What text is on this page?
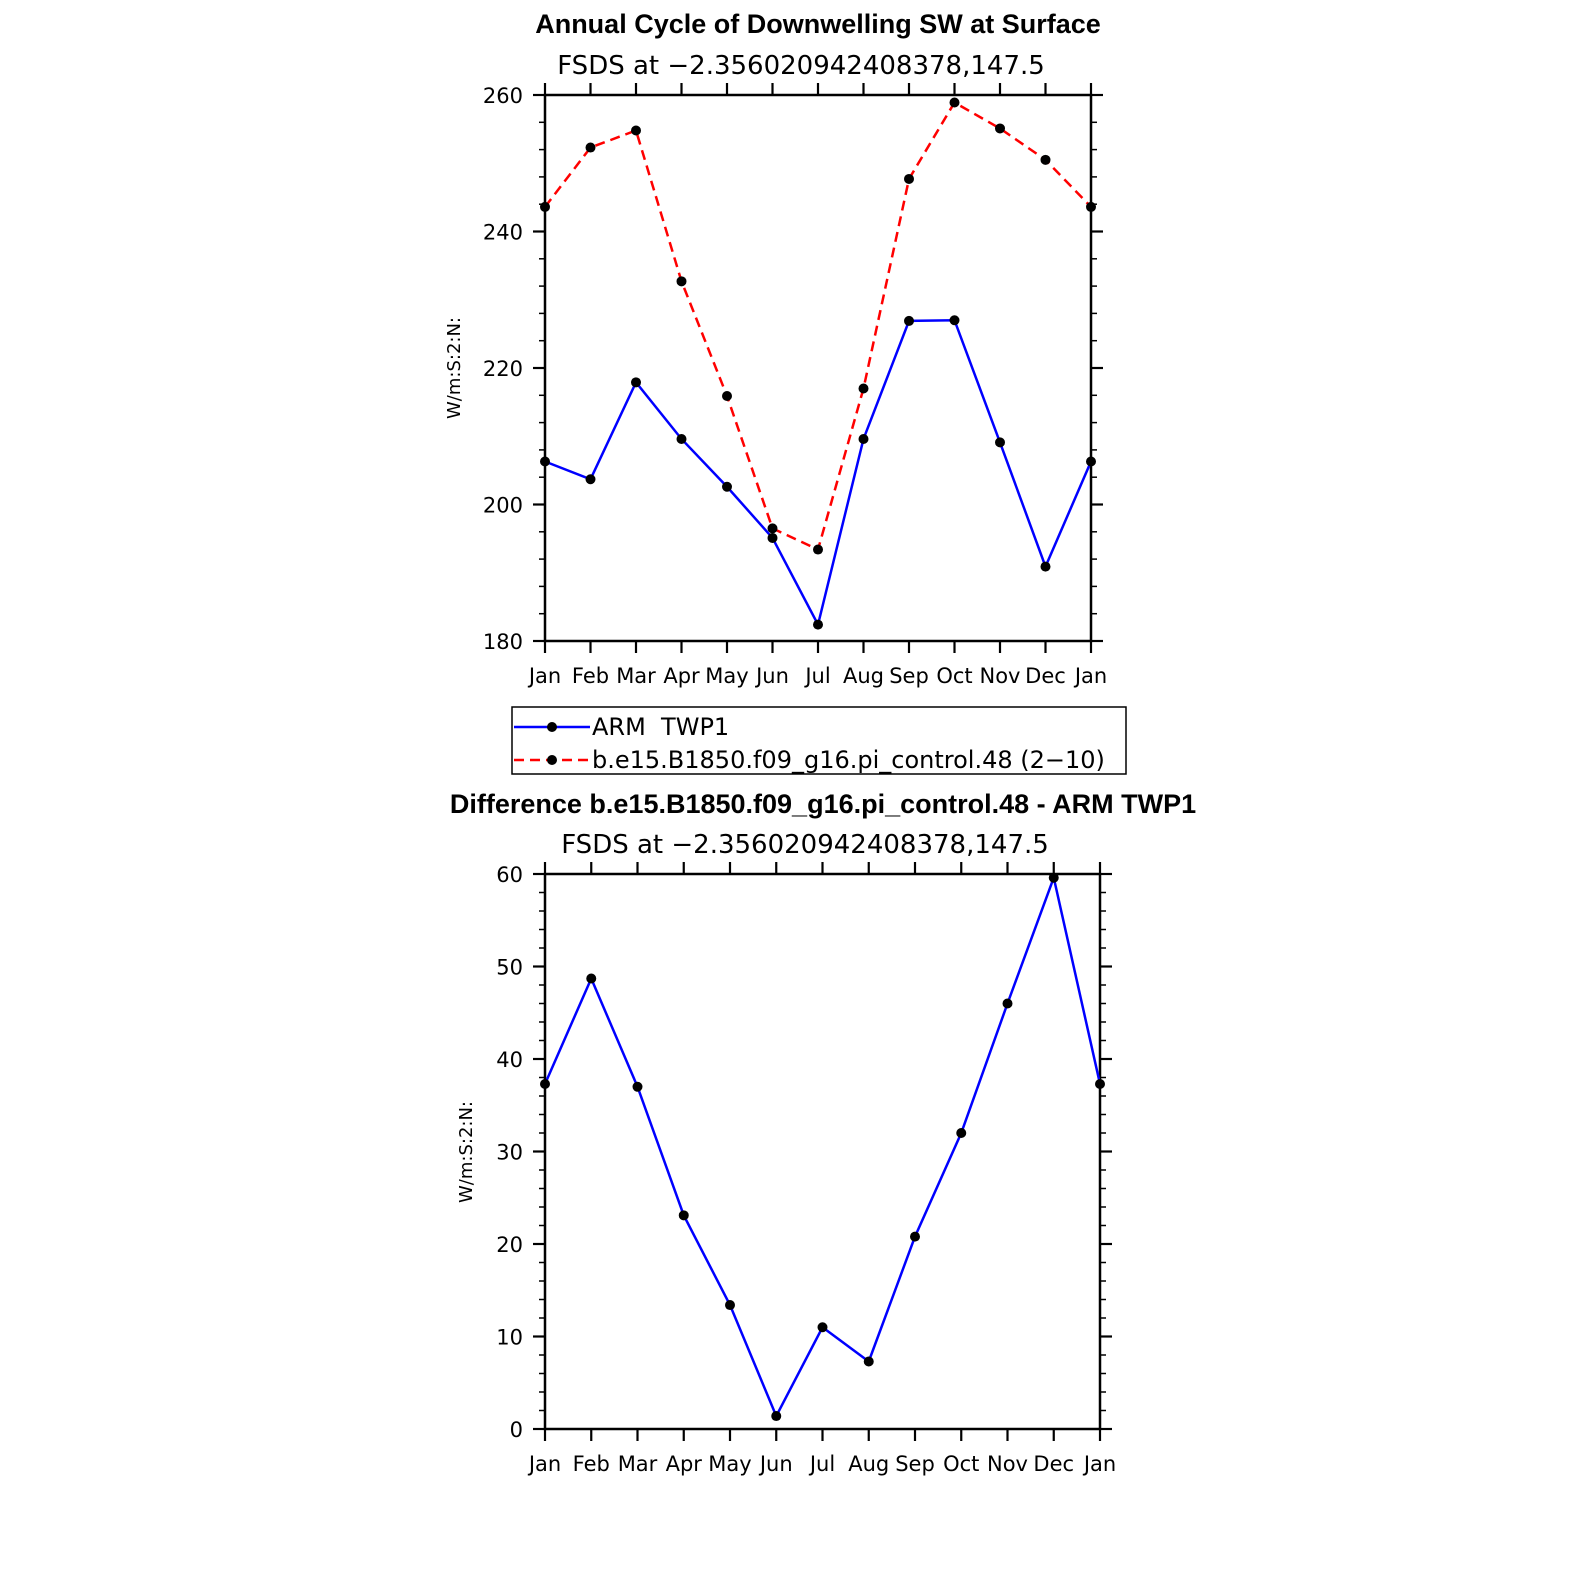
Annual Cycle of Downwelling SW at Surface
FSDS at −2.356020942408378,147.5
W/m:S:2:N:
Jan Feb Mar Apr May Jun Jul Aug Sep Oct Nov Dec Jan
180
200
220
240
260
ARM  TWP1
b.e15.B1850.f09_g16.pi_control.48 (2−10)
Difference b.e15.B1850.f09_g16.pi_control.48 - ARM TWP1
FSDS at −2.356020942408378,147.5
W/m:S:2:N:
Jan Feb Mar Apr May Jun Jul Aug Sep Oct Nov Dec Jan
0
10
20
30
40
50
60
